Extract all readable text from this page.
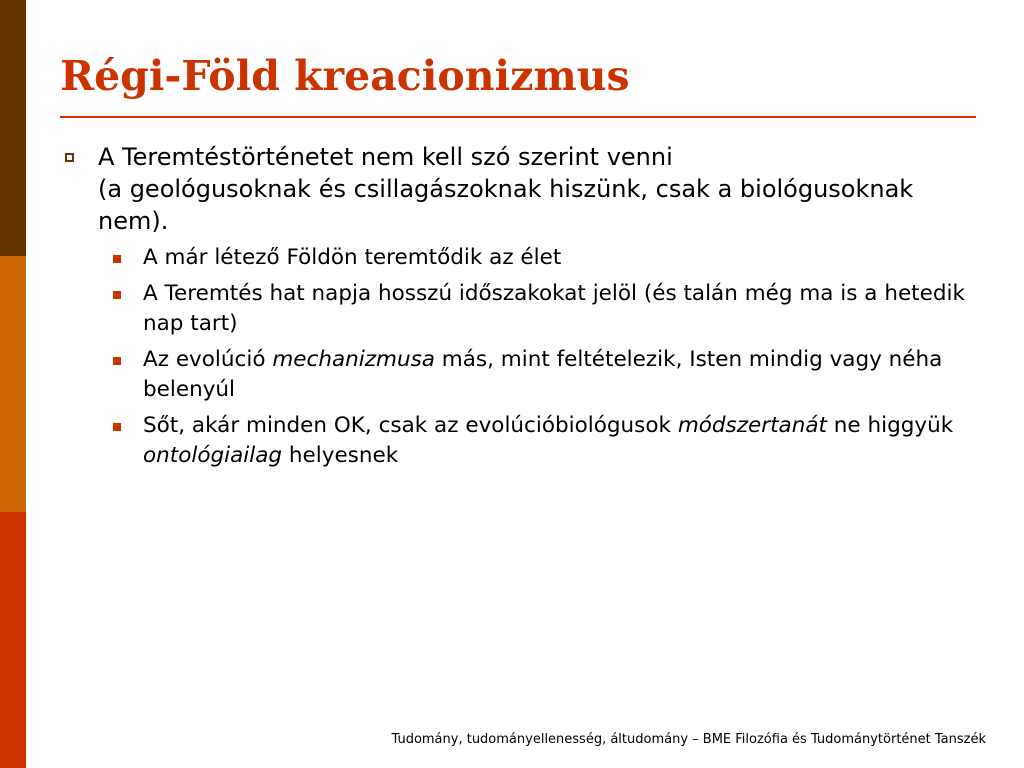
Régi-Föld kreacionizmus
A Teremtéstörténetet nem kell szó szerint venni
(a geológusoknak és csillagászoknak hiszünk, csak a biológusoknak nem).
A már létező Földön teremtődik az élet
A Teremtés hat napja hosszú időszakokat jelöl (és talán még ma is a hetedik nap tart)
Az evolúció mechanizmusa más, mint feltételezik, Isten mindig vagy néha belenyúl
Sőt, akár minden OK, csak az evolúcióbiológusok módszertanát ne higgyük ontológiailag helyesnek
Tudomány, tudományellenesség, áltudomány – BME Filozófia és Tudománytörténet Tanszék
